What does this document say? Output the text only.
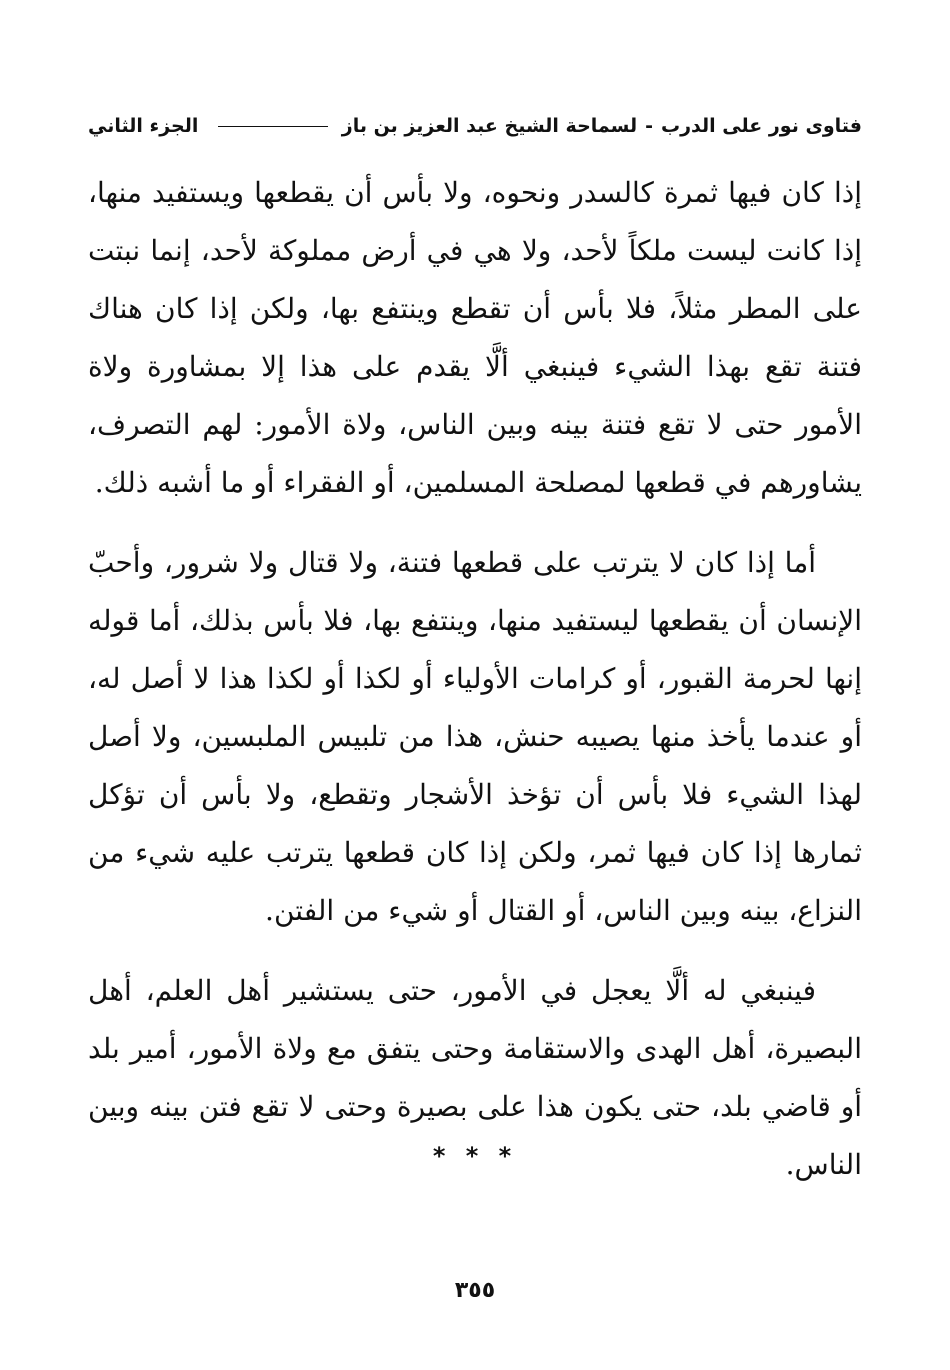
فتاوى نور على الدرب
-
لسماحة الشيخ عبد العزيز بن باز
الجزء الثاني

إذا كان فيها ثمرة كالسدر ونحوه، ولا بأس أن يقطعها ويستفيد منها، إذا كانت ليست ملكاً لأحد، ولا هي في أرض مملوكة لأحد، إنما نبتت على المطر مثلاً، فلا بأس أن تقطع وينتفع بها، ولكن إذا كان هناك فتنة تقع بهذا الشيء فينبغي ألَّا يقدم على هذا إلا بمشاورة ولاة الأمور حتى لا تقع فتنة بينه وبين الناس، ولاة الأمور: لهم التصرف، يشاورهم في قطعها لمصلحة المسلمين، أو الفقراء أو ما أشبه ذلك.

أما إذا كان لا يترتب على قطعها فتنة، ولا قتال ولا شرور، وأحبّ الإنسان أن يقطعها ليستفيد منها، وينتفع بها، فلا بأس بذلك، أما قوله إنها لحرمة القبور، أو كرامات الأولياء أو لكذا أو لكذا هذا لا أصل له، أو عندما يأخذ منها يصيبه حنش، هذا من تلبيس الملبسين، ولا أصل لهذا الشيء فلا بأس أن تؤخذ الأشجار وتقطع، ولا بأس أن تؤكل ثمارها إذا كان فيها ثمر، ولكن إذا كان قطعها يترتب عليه شيء من النزاع، بينه وبين الناس، أو القتال أو شيء من الفتن.

فينبغي له ألَّا يعجل في الأمور، حتى يستشير أهل العلم، أهل البصيرة، أهل الهدى والاستقامة وحتى يتفق مع ولاة الأمور، أمير بلد أو قاضي بلد، حتى يكون هذا على بصيرة وحتى لا تقع فتن بينه وبين الناس.

* * *
٣٥٥
